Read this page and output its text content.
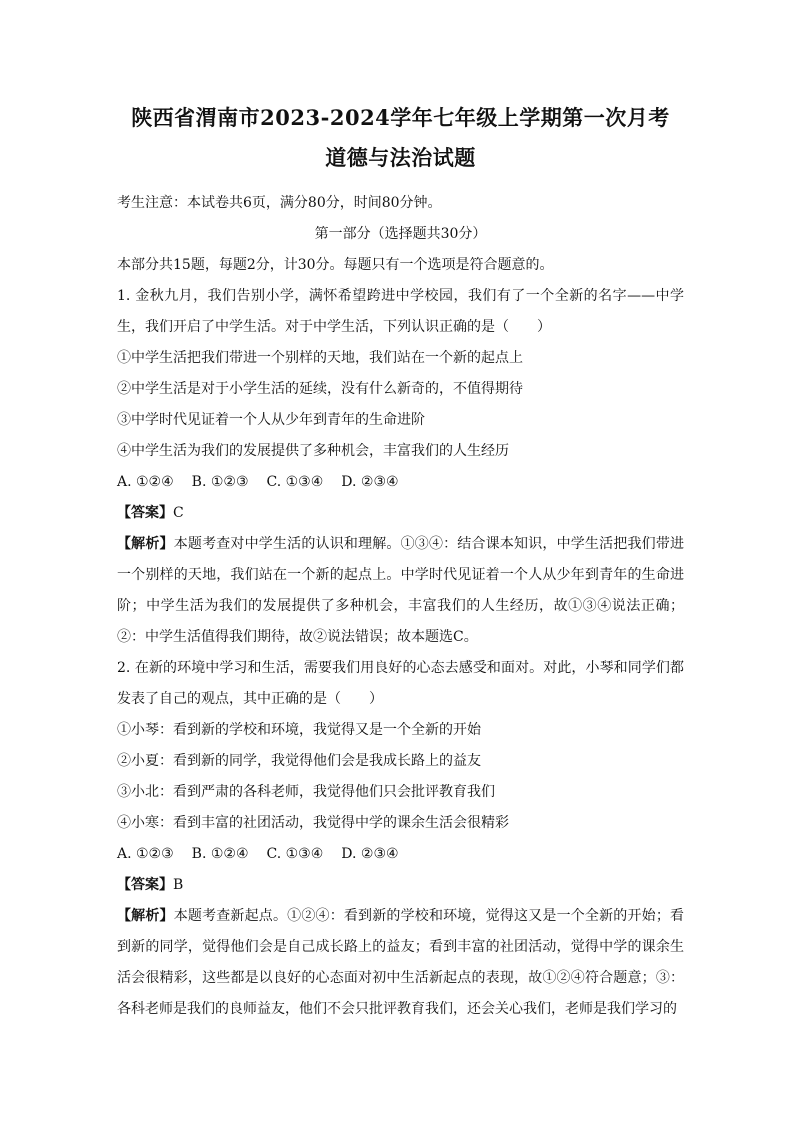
陕西省渭南市2023-2024学年七年级上学期第一次月考
道德与法治试题

考生注意：本试卷共6页，满分80分，时间80分钟。

第一部分（选择题共30分）

本部分共15题，每题2分，计30分。每题只有一个选项是符合题意的。

1. 金秋九月，我们告别小学，满怀希望跨进中学校园，我们有了一个全新的名字——中学生，我们开启了中学生活。对于中学生活，下列认识正确的是（　　）

①中学生活把我们带进一个别样的天地，我们站在一个新的起点上

②中学生活是对于小学生活的延续，没有什么新奇的，不值得期待

③中学时代见证着一个人从少年到青年的生命进阶

④中学生活为我们的发展提供了多种机会，丰富我们的人生经历

A. ①②④ B. ①②③ C. ①③④ D. ②③④

【答案】C

【解析】本题考查对中学生活的认识和理解。①③④：结合课本知识，中学生活把我们带进一个别样的天地，我们站在一个新的起点上。中学时代见证着一个人从少年到青年的生命进阶；中学生活为我们的发展提供了多种机会，丰富我们的人生经历，故①③④说法正确；②：中学生活值得我们期待，故②说法错误；故本题选C。

2. 在新的环境中学习和生活，需要我们用良好的心态去感受和面对。对此，小琴和同学们都发表了自己的观点，其中正确的是（　　）

①小琴：看到新的学校和环境，我觉得又是一个全新的开始

②小夏：看到新的同学，我觉得他们会是我成长路上的益友

③小北：看到严肃的各科老师，我觉得他们只会批评教育我们

④小寒：看到丰富的社团活动，我觉得中学的课余生活会很精彩

A. ①②③ B. ①②④ C. ①③④ D. ②③④

【答案】B

【解析】本题考查新起点。①②④：看到新的学校和环境，觉得这又是一个全新的开始；看到新的同学，觉得他们会是自己成长路上的益友；看到丰富的社团活动，觉得中学的课余生活会很精彩，这些都是以良好的心态面对初中生活新起点的表现，故①②④符合题意；③：各科老师是我们的良师益友，他们不会只批评教育我们，还会关心我们，老师是我们学习的
